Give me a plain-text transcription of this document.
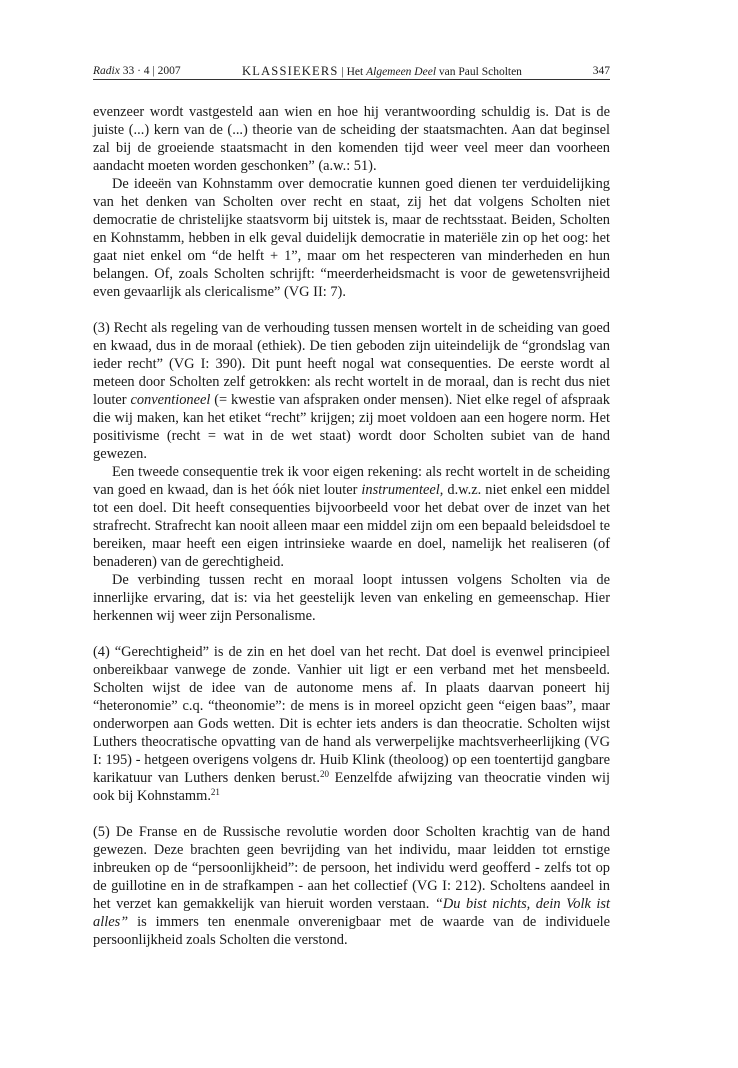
Radix 33 · 4 | 2007	KLASSIEKERS | Het Algemeen Deel van Paul Scholten	347

evenzeer wordt vastgesteld aan wien en hoe hij verantwoording schuldig is. Dat is de juiste (...) kern van de (...) theorie van de scheiding der staatsmachten. Aan dat beginsel zal bij de groeiende staatsmacht in den komenden tijd weer veel meer dan voorheen aandacht moeten worden geschonken” (a.w.: 51).

De ideeën van Kohnstamm over democratie kunnen goed dienen ter verduidelijking van het denken van Scholten over recht en staat, zij het dat volgens Scholten niet democratie de christelijke staatsvorm bij uitstek is, maar de rechtsstaat. Beiden, Scholten en Kohnstamm, hebben in elk geval duidelijk democratie in materiële zin op het oog: het gaat niet enkel om “de helft + 1”, maar om het respecteren van minderheden en hun belangen. Of, zoals Scholten schrijft: “meerderheidsmacht is voor de gewetensvrijheid even gevaarlijk als clericalisme” (VG II: 7).

(3) Recht als regeling van de verhouding tussen mensen wortelt in de scheiding van goed en kwaad, dus in de moraal (ethiek). De tien geboden zijn uiteindelijk de “grondslag van ieder recht” (VG I: 390). Dit punt heeft nogal wat consequenties. De eerste wordt al meteen door Scholten zelf getrokken: als recht wortelt in de moraal, dan is recht dus niet louter conventioneel (= kwestie van afspraken onder mensen). Niet elke regel of afspraak die wij maken, kan het etiket “recht” krijgen; zij moet voldoen aan een hogere norm. Het positivisme (recht = wat in de wet staat) wordt door Scholten subiet van de hand gewezen.

Een tweede consequentie trek ik voor eigen rekening: als recht wortelt in de scheiding van goed en kwaad, dan is het óók niet louter instrumenteel, d.w.z. niet enkel een middel tot een doel. Dit heeft consequenties bijvoorbeeld voor het debat over de inzet van het strafrecht. Strafrecht kan nooit alleen maar een middel zijn om een bepaald beleidsdoel te bereiken, maar heeft een eigen intrinsieke waarde en doel, namelijk het realiseren (of benaderen) van de gerechtigheid.

De verbinding tussen recht en moraal loopt intussen volgens Scholten via de innerlijke ervaring, dat is: via het geestelijk leven van enkeling en gemeenschap. Hier herkennen wij weer zijn Personalisme.

(4) “Gerechtigheid” is de zin en het doel van het recht. Dat doel is evenwel principieel onbereikbaar vanwege de zonde. Vanhier uit ligt er een verband met het mensbeeld. Scholten wijst de idee van de autonome mens af. In plaats daarvan poneert hij “heteronomie” c.q. “theonomie”: de mens is in moreel opzicht geen “eigen baas”, maar onderworpen aan Gods wetten. Dit is echter iets anders is dan theocratie. Scholten wijst Luthers theocratische opvatting van de hand als verwerpelijke machtsverheerlijking (VG I: 195) - hetgeen overigens volgens dr. Huib Klink (theoloog) op een toentertijd gangbare karikatuur van Luthers denken berust.$^{20}$ Eenzelfde afwijzing van theocratie vinden wij ook bij Kohnstamm.$^{21}$

(5) De Franse en de Russische revolutie worden door Scholten krachtig van de hand gewezen. Deze brachten geen bevrijding van het individu, maar leidden tot ernstige inbreuken op de “persoonlijkheid”: de persoon, het individu werd geofferd - zelfs tot op de guillotine en in de strafkampen - aan het collectief (VG I: 212). Scholtens aandeel in het verzet kan gemakkelijk van hieruit worden verstaan. “Du bist nichts, dein Volk ist alles” is immers ten enenmale onverenigbaar met de waarde van de individuele persoonlijkheid zoals Scholten die verstond.
